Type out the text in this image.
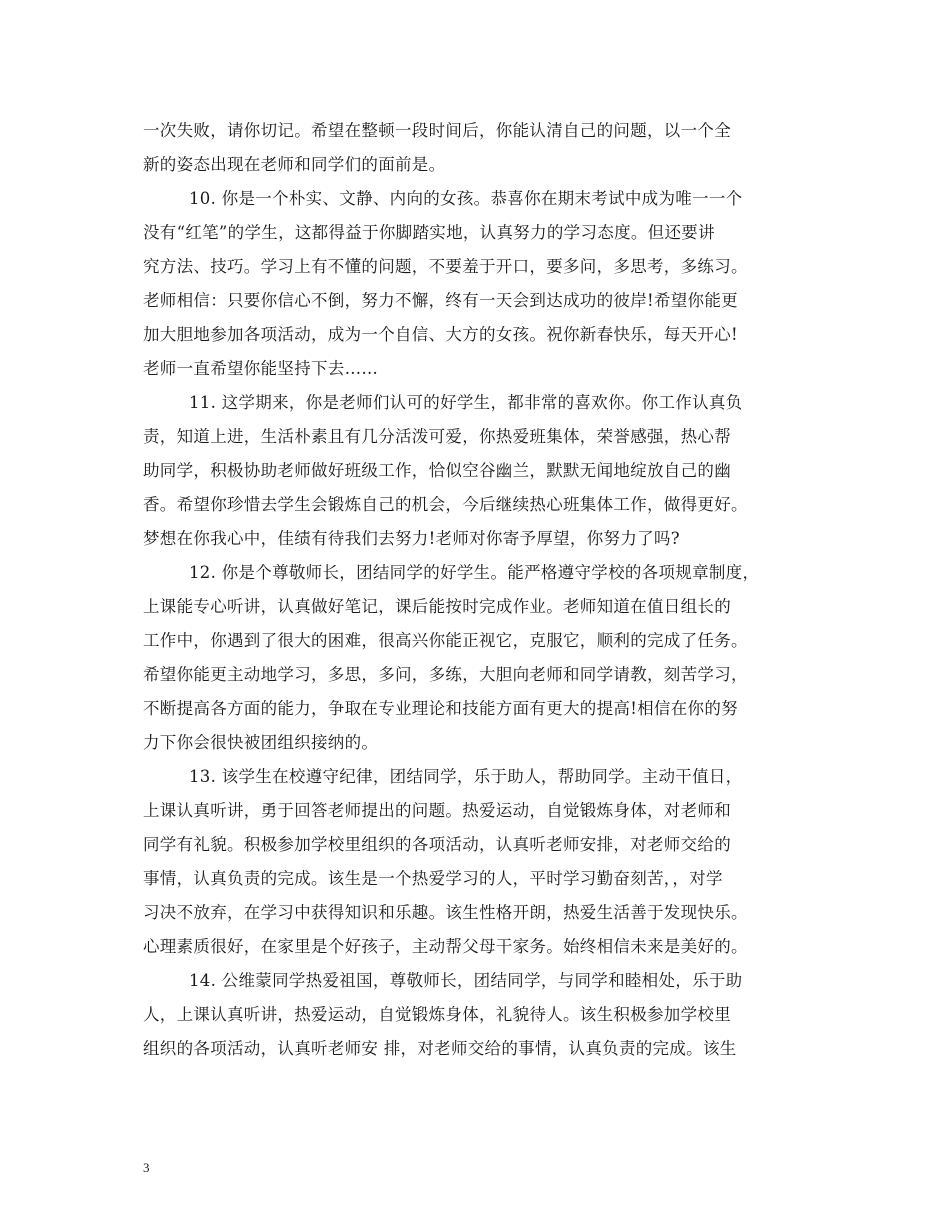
一次失败，请你切记。希望在整顿一段时间后，你能认清自己的问题，以一个全
新的姿态出现在老师和同学们的面前是。
10. 你是一个朴实、文静、内向的女孩。恭喜你在期末考试中成为唯一一个
没有“红笔”的学生，这都得益于你脚踏实地，认真努力的学习态度。但还要讲
究方法、技巧。学习上有不懂的问题，不要羞于开口，要多问，多思考，多练习。
老师相信：只要你信心不倒，努力不懈，终有一天会到达成功的彼岸!希望你能更
加大胆地参加各项活动，成为一个自信、大方的女孩。祝你新春快乐，每天开心!
老师一直希望你能坚持下去……
11. 这学期来，你是老师们认可的好学生，都非常的喜欢你。你工作认真负
责，知道上进，生活朴素且有几分活泼可爱，你热爱班集体，荣誉感强，热心帮
助同学，积极协助老师做好班级工作，恰似空谷幽兰，默默无闻地绽放自己的幽
香。希望你珍惜去学生会锻炼自己的机会，今后继续热心班集体工作，做得更好。
梦想在你我心中，佳绩有待我们去努力!老师对你寄予厚望，你努力了吗?
12. 你是个尊敬师长，团结同学的好学生。能严格遵守学校的各项规章制度，
上课能专心听讲，认真做好笔记，课后能按时完成作业。老师知道在值日组长的
工作中，你遇到了很大的困难，很高兴你能正视它，克服它，顺利的完成了任务。
希望你能更主动地学习，多思，多问，多练，大胆向老师和同学请教，刻苦学习，
不断提高各方面的能力，争取在专业理论和技能方面有更大的提高!相信在你的努
力下你会很快被团组织接纳的。
13. 该学生在校遵守纪律，团结同学，乐于助人，帮助同学。主动干值日，
上课认真听讲，勇于回答老师提出的问题。热爱运动，自觉锻炼身体，对老师和
同学有礼貌。积极参加学校里组织的各项活动，认真听老师安排，对老师交给的
事情，认真负责的完成。该生是一个热爱学习的人，平时学习勤奋刻苦，，对学
习决不放弃，在学习中获得知识和乐趣。该生性格开朗，热爱生活善于发现快乐。
心理素质很好，在家里是个好孩子，主动帮父母干家务。始终相信未来是美好的。
14. 公维蒙同学热爱祖国，尊敬师长，团结同学，与同学和睦相处，乐于助
人，上课认真听讲，热爱运动，自觉锻炼身体，礼貌待人。该生积极参加学校里
组织的各项活动，认真听老师安 排，对老师交给的事情，认真负责的完成。该生
3
